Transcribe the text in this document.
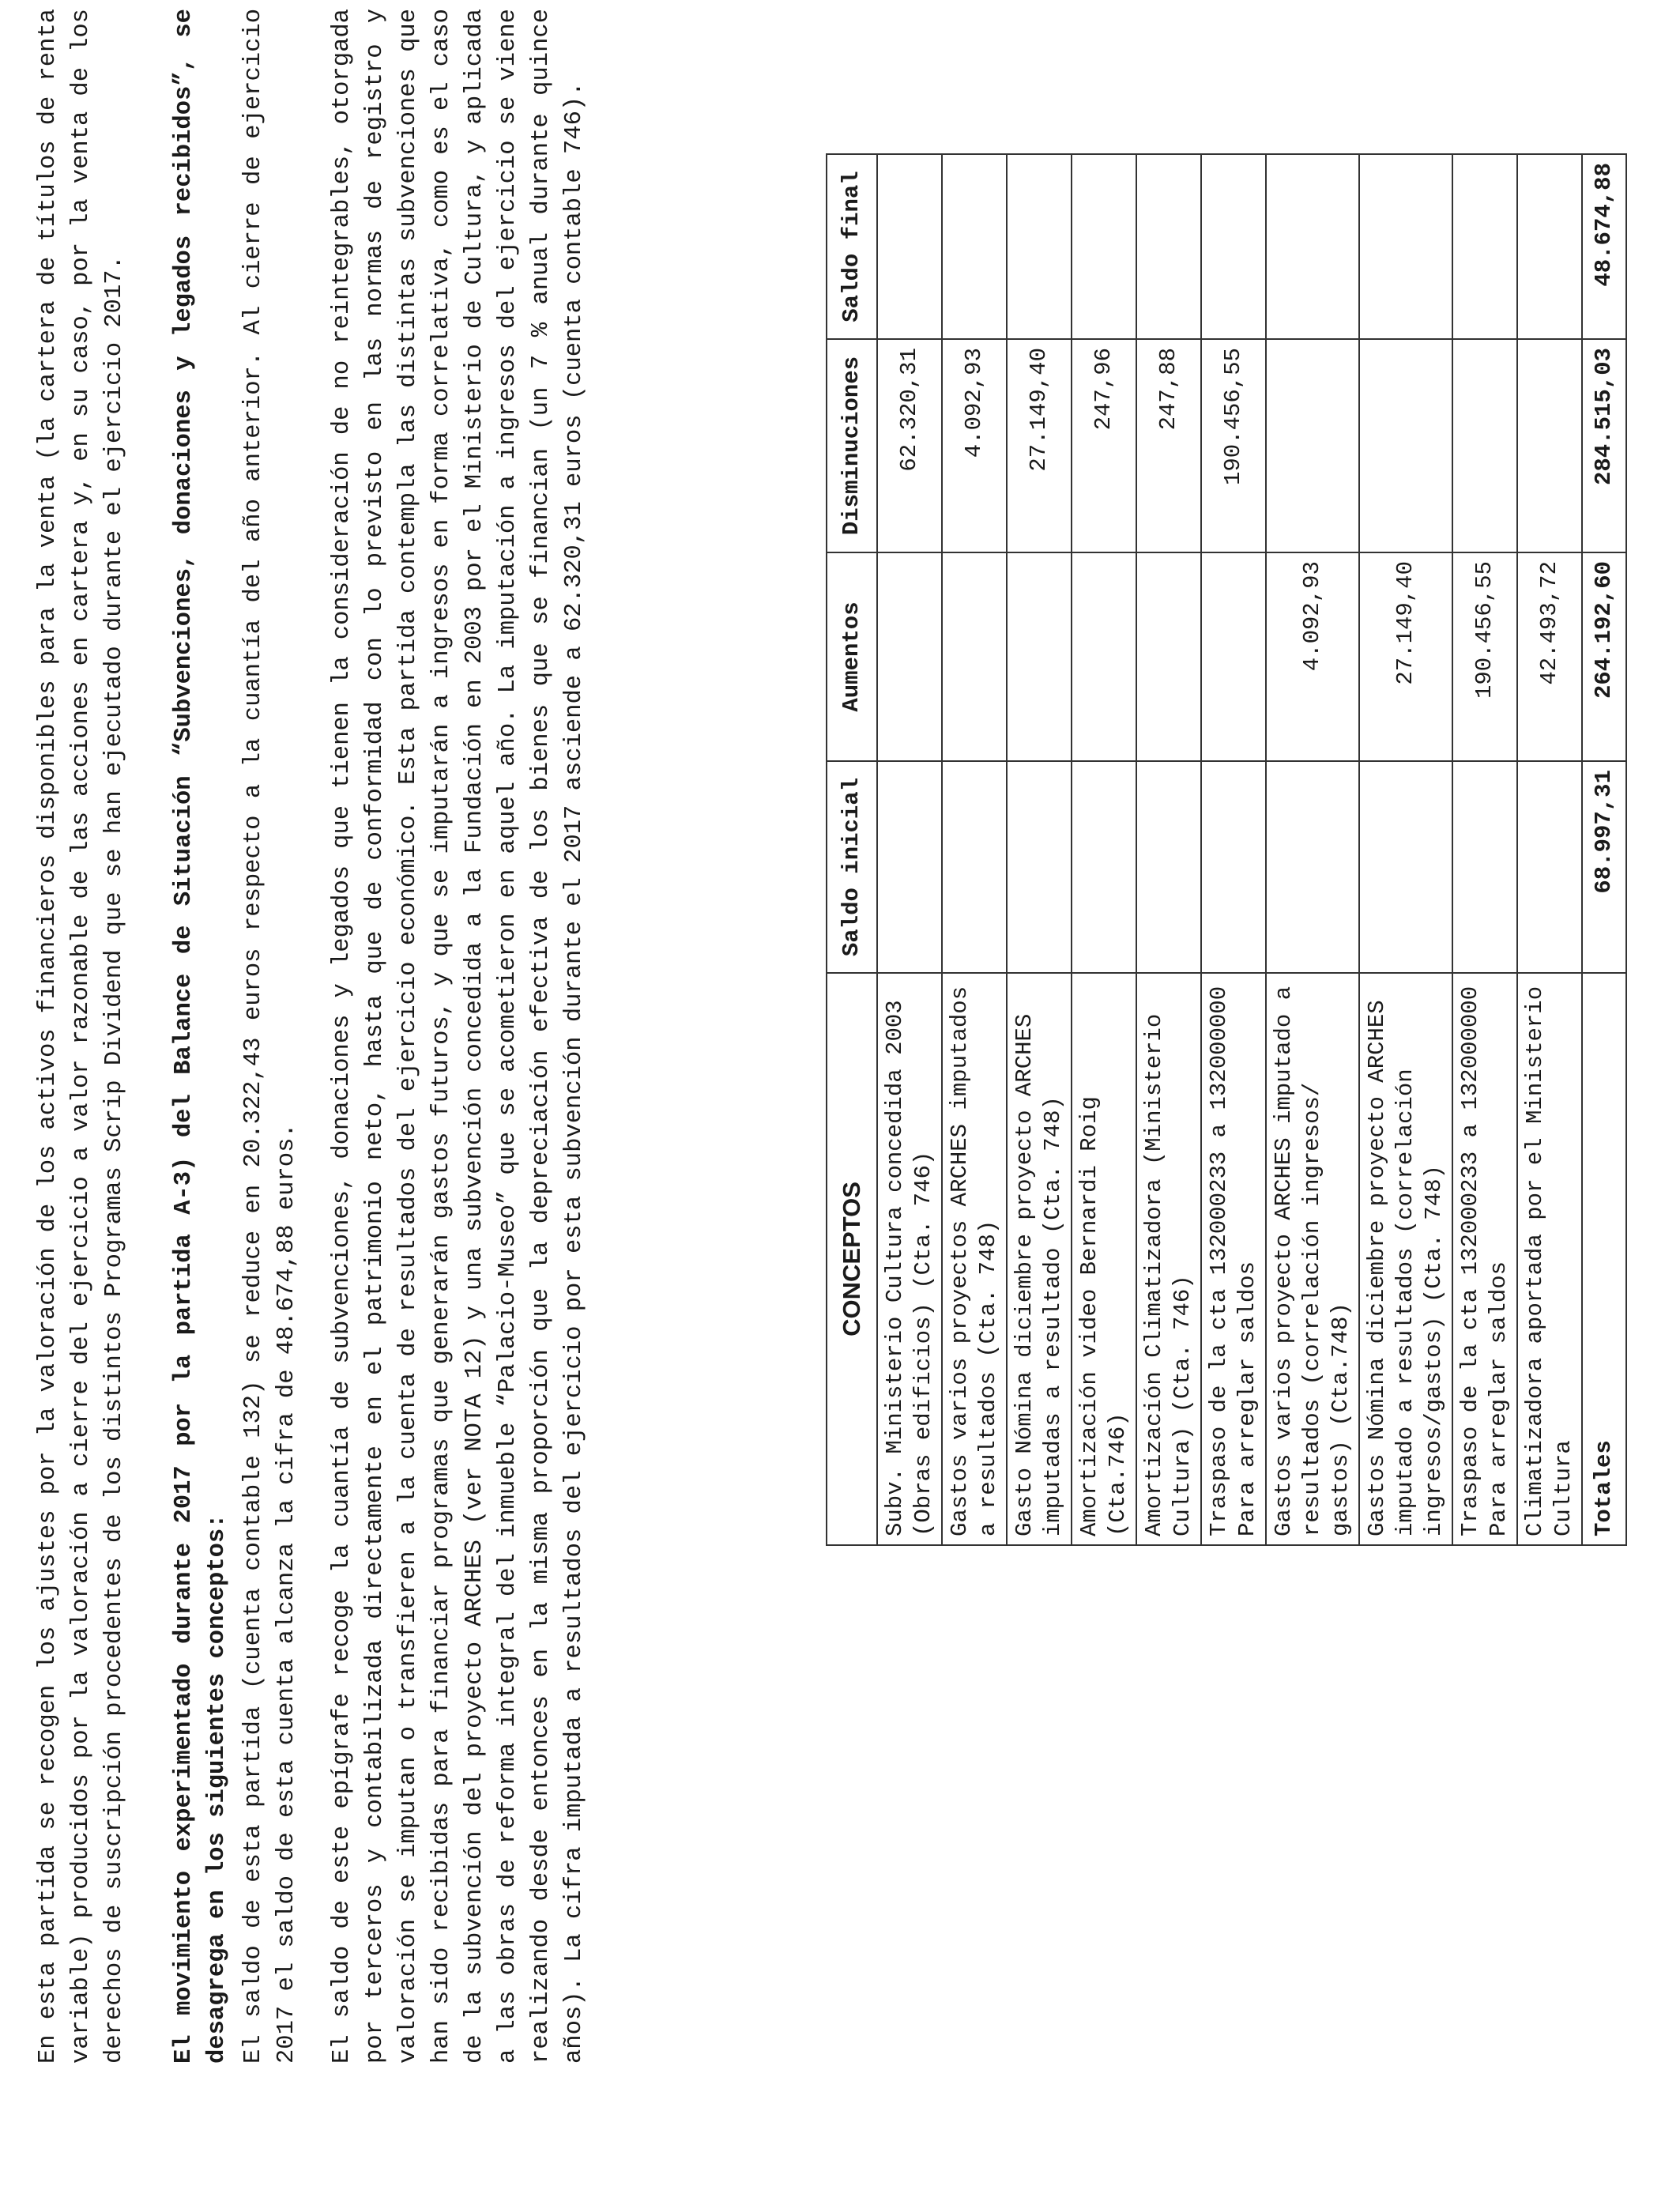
En esta partida se recogen los ajustes por la valoración de los activos financieros disponibles para la venta (la cartera de títulos de renta variable) producidos por la valoración a cierre del ejercicio a valor razonable de las acciones en cartera y, en su caso, por la venta de los derechos de suscripción procedentes de los distintos Programas Scrip Dividend que se han ejecutado durante el ejercicio 2017. El movimiento experimentado durante 2017 por la partida A-3) del Balance de Situación “Subvenciones, donaciones y legados recibidos”, se desagrega en los siguientes conceptos: El saldo de esta partida (cuenta contable 132) se reduce en 20.322,43 euros respecto a la cuantía del año anterior. Al cierre de ejercicio 2017 el saldo de esta cuenta alcanza la cifra de 48.674,88 euros. El saldo de este epígrafe recoge la cuantía de subvenciones, donaciones y legados que tienen la consideración de no reintegrables, otorgada por terceros y contabilizada directamente en el patrimonio neto, hasta que de conformidad con lo previsto en las normas de registro y valoración se imputan o transfieren a la cuenta de resultados del ejercicio económico. Esta partida contempla las distintas subvenciones que han sido recibidas para financiar programas que generarán gastos futuros, y que se imputarán a ingresos en forma correlativa, como es el caso de la subvención del proyecto ARCHES (ver NOTA 12) y una subvención concedida a la Fundación en 2003 por el Ministerio de Cultura, y aplicada a las obras de reforma integral del inmueble “Palacio-Museo” que se acometieron en aquel año. La imputación a ingresos del ejercicio se viene realizando desde entonces en la misma proporción que la depreciación efectiva de los bienes que se financian (un 7 % anual durante quince años). La cifra imputada a resultados del ejercicio por esta subvención durante el 2017 asciende a 62.320,31 euros (cuenta contable 746).	CONCEPTOS	Saldo inicial	Aumentos	Disminuciones	Saldo final
Subv. Ministerio Cultura concedida 2003 (Obras edificios) (Cta. 746)			62.320,31	
Gastos varios proyectos ARCHES imputados a resultados (Cta. 748)			4.092,93	
Gasto Nómina diciembre proyecto ARCHES imputadas a resultado (Cta. 748)			27.149,40	
Amortización video Bernardi Roig (Cta.746)			247,96	
Amortización Climatizadora (Ministerio Cultura) (Cta. 746)			247,88	
Traspaso de la cta 132000233 a 132000000 Para arreglar saldos			190.456,55	
Gastos varios proyecto ARCHES imputado a resultados (correlación ingresos/ gastos) (Cta.748)		4.092,93		
Gastos Nómina diciembre proyecto ARCHES imputado a resultados (correlación ingresos/gastos) (Cta. 748)		27.149,40		
Traspaso de la cta 132000233 a 132000000 Para arreglar saldos		190.456,55		
Climatizadora aportada por el Ministerio Cultura		42.493,72		
Totales	68.997,31	264.192,60	284.515,03	48.674,88
